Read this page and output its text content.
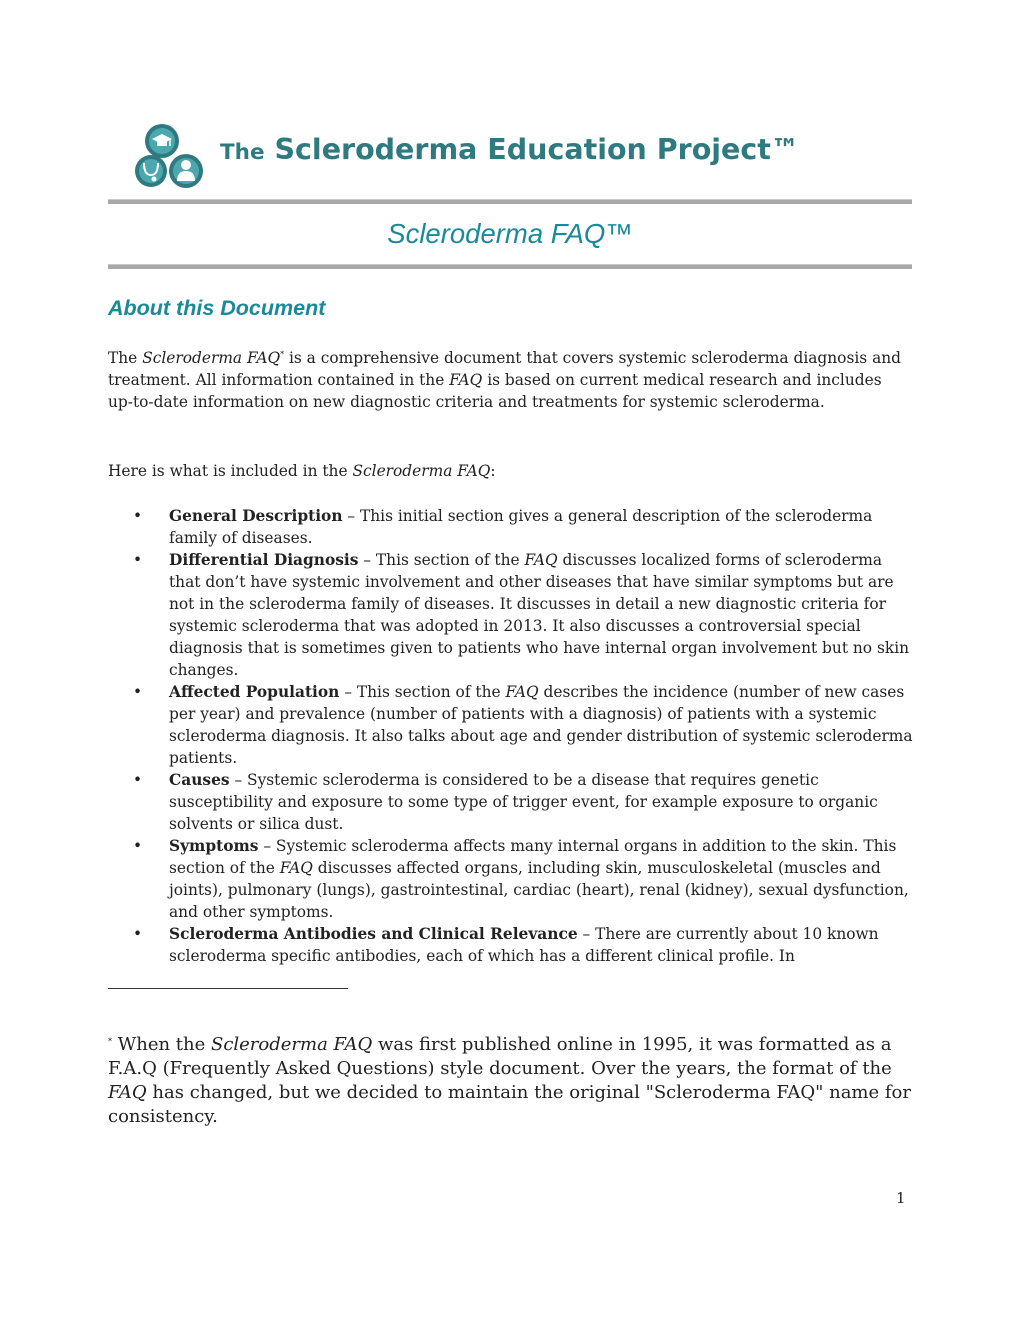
The Scleroderma Education Project™
Scleroderma FAQ™
About this Document
The Scleroderma FAQ* is a comprehensive document that covers systemic scleroderma diagnosis and treatment. All information contained in the FAQ is based on current medical research and includes up-to-date information on new diagnostic criteria and treatments for systemic scleroderma.
Here is what is included in the Scleroderma FAQ:
• General Description – This initial section gives a general description of the scleroderma family of diseases.
• Differential Diagnosis – This section of the FAQ discusses localized forms of scleroderma that don’t have systemic involvement and other diseases that have similar symptoms but are not in the scleroderma family of diseases. It discusses in detail a new diagnostic criteria for systemic scleroderma that was adopted in 2013. It also discusses a controversial special diagnosis that is sometimes given to patients who have internal organ involvement but no skin changes.
• Affected Population – This section of the FAQ describes the incidence (number of new cases per year) and prevalence (number of patients with a diagnosis) of patients with a systemic scleroderma diagnosis. It also talks about age and gender distribution of systemic scleroderma patients.
• Causes – Systemic scleroderma is considered to be a disease that requires genetic susceptibility and exposure to some type of trigger event, for example exposure to organic solvents or silica dust.
• Symptoms – Systemic scleroderma affects many internal organs in addition to the skin. This section of the FAQ discusses affected organs, including skin, musculoskeletal (muscles and joints), pulmonary (lungs), gastrointestinal, cardiac (heart), renal (kidney), sexual dysfunction, and other symptoms.
• Scleroderma Antibodies and Clinical Relevance – There are currently about 10 known scleroderma specific antibodies, each of which has a different clinical profile. In
* When the Scleroderma FAQ was first published online in 1995, it was formatted as a F.A.Q (Frequently Asked Questions) style document. Over the years, the format of the FAQ has changed, but we decided to maintain the original "Scleroderma FAQ" name for consistency.
1
